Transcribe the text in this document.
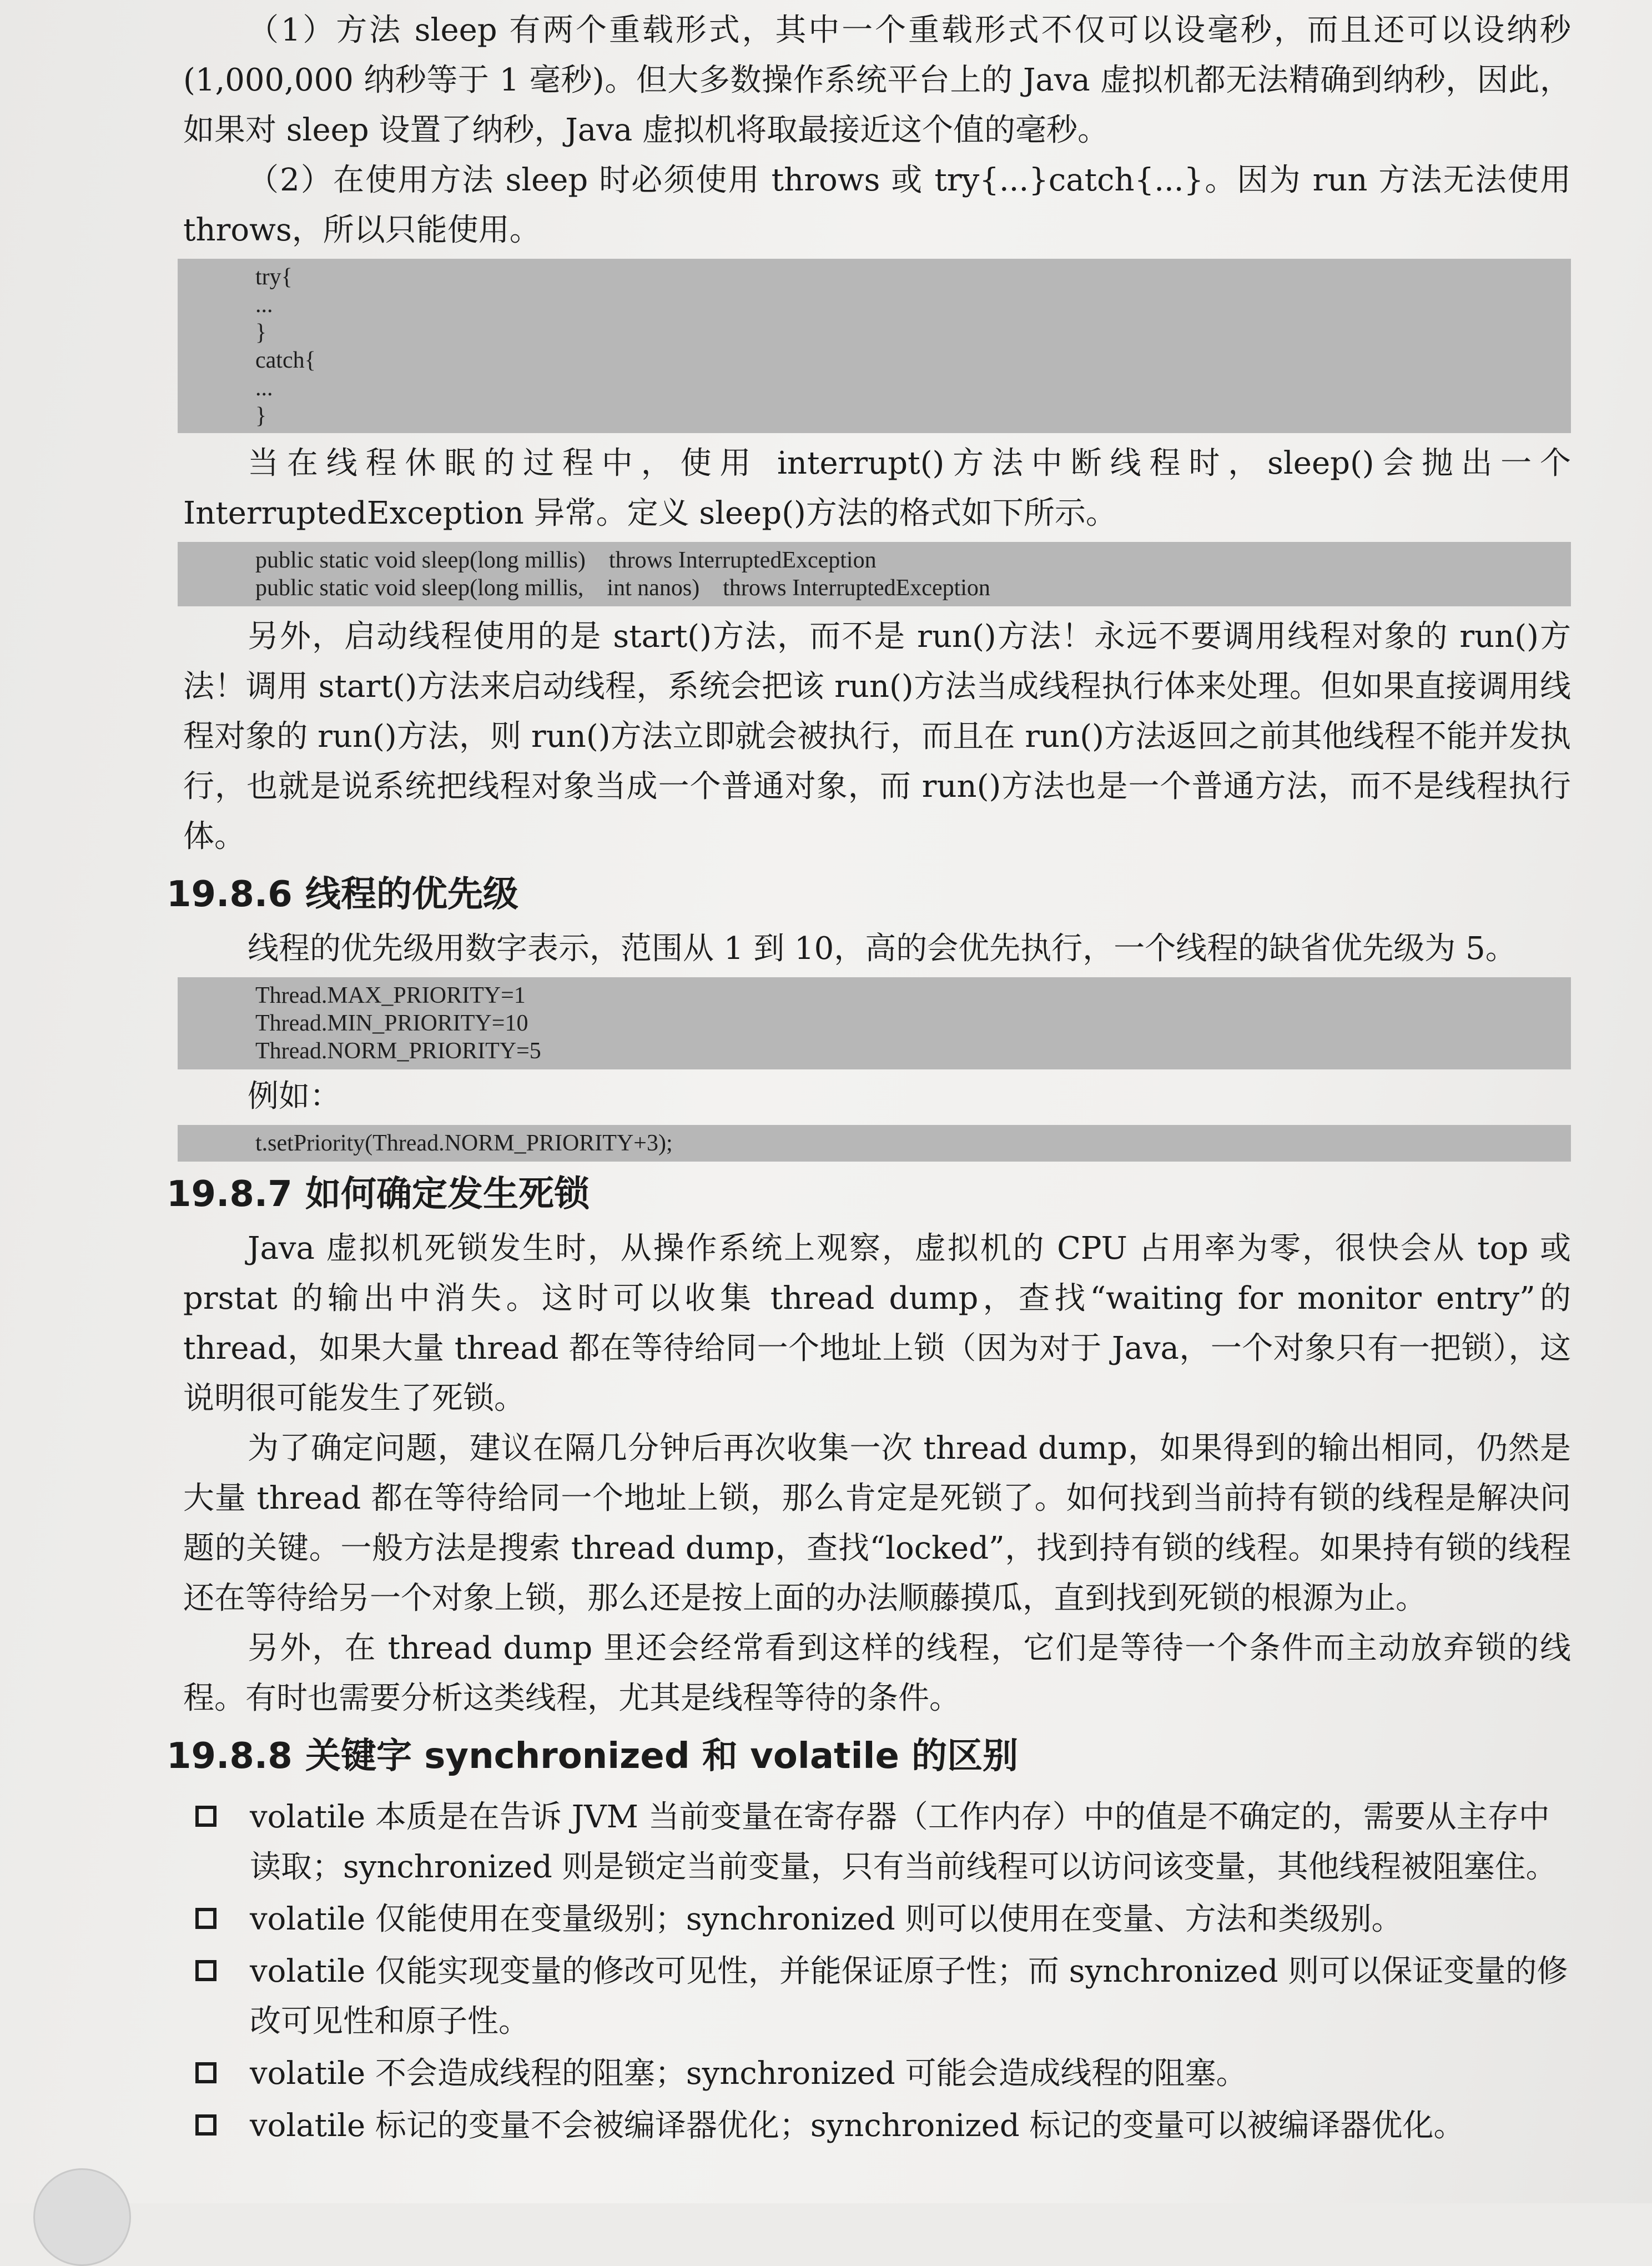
（1）方法 sleep 有两个重载形式，其中一个重载形式不仅可以设毫秒，而且还可以设纳秒(1,000,000 纳秒等于 1 毫秒)。但大多数操作系统平台上的 Java 虚拟机都无法精确到纳秒，因此，如果对 sleep 设置了纳秒，Java 虚拟机将取最接近这个值的毫秒。

（2）在使用方法 sleep 时必须使用 throws 或 try{...}catch{...}。因为 run 方法无法使用 throws，所以只能使用。

try{
...
}
catch{
...
}

当在线程休眠的过程中，使用 interrupt()方法中断线程时，sleep()会抛出一个 InterruptedException 异常。定义 sleep()方法的格式如下所示。

public static void sleep(long millis)    throws InterruptedException
public static void sleep(long millis,    int nanos)    throws InterruptedException

另外，启动线程使用的是 start()方法，而不是 run()方法！永远不要调用线程对象的 run()方法！调用 start()方法来启动线程，系统会把该 run()方法当成线程执行体来处理。但如果直接调用线程对象的 run()方法，则 run()方法立即就会被执行，而且在 run()方法返回之前其他线程不能并发执行，也就是说系统把线程对象当成一个普通对象，而 run()方法也是一个普通方法，而不是线程执行体。

19.8.6 线程的优先级

线程的优先级用数字表示，范围从 1 到 10，高的会优先执行，一个线程的缺省优先级为 5。

Thread.MAX_PRIORITY=1
Thread.MIN_PRIORITY=10
Thread.NORM_PRIORITY=5

例如：

t.setPriority(Thread.NORM_PRIORITY+3);
19.8.7 如何确定发生死锁

Java 虚拟机死锁发生时，从操作系统上观察，虚拟机的 CPU 占用率为零，很快会从 top 或 prstat 的输出中消失。这时可以收集 thread dump，查找“waiting for monitor entry”的 thread，如果大量 thread 都在等待给同一个地址上锁（因为对于 Java，一个对象只有一把锁），这说明很可能发生了死锁。

为了确定问题，建议在隔几分钟后再次收集一次 thread dump，如果得到的输出相同，仍然是大量 thread 都在等待给同一个地址上锁，那么肯定是死锁了。如何找到当前持有锁的线程是解决问题的关键。一般方法是搜索 thread dump，查找“locked”，找到持有锁的线程。如果持有锁的线程还在等待给另一个对象上锁，那么还是按上面的办法顺藤摸瓜，直到找到死锁的根源为止。

另外，在 thread dump 里还会经常看到这样的线程，它们是等待一个条件而主动放弃锁的线程。有时也需要分析这类线程，尤其是线程等待的条件。

19.8.8 关键字 synchronized 和 volatile 的区别
volatile 本质是在告诉 JVM 当前变量在寄存器（工作内存）中的值是不确定的，需要从主存中读取；synchronized 则是锁定当前变量，只有当前线程可以访问该变量，其他线程被阻塞住。
volatile 仅能使用在变量级别；synchronized 则可以使用在变量、方法和类级别。
volatile 仅能实现变量的修改可见性，并能保证原子性；而 synchronized 则可以保证变量的修改可见性和原子性。
volatile 不会造成线程的阻塞；synchronized 可能会造成线程的阻塞。
volatile 标记的变量不会被编译器优化；synchronized 标记的变量可以被编译器优化。
